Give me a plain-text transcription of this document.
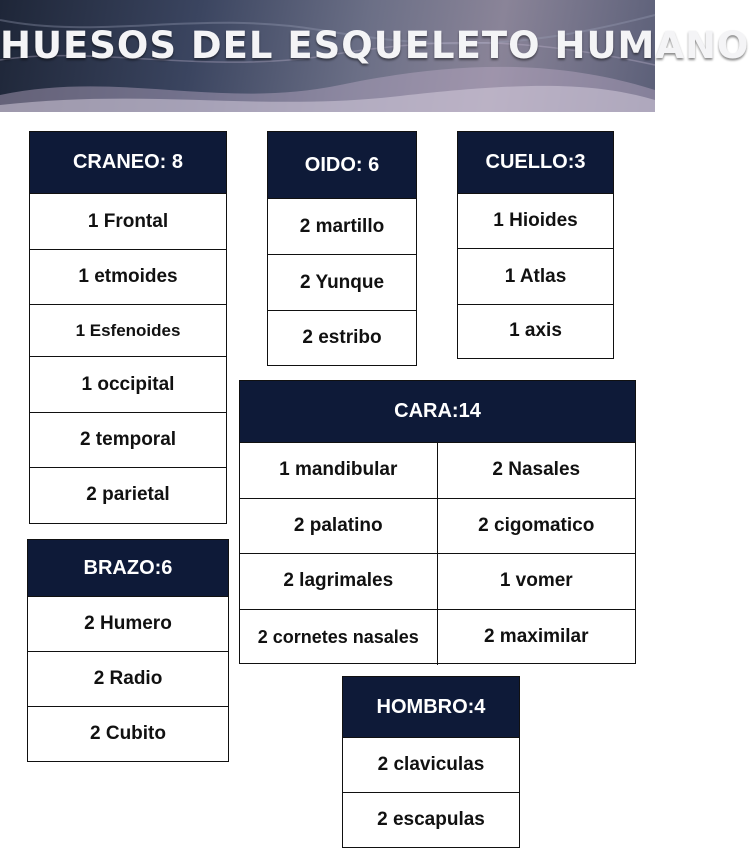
HUESOS DEL ESQUELETO HUMANO
CRANEO: 8
1 Frontal
1 etmoides
1 Esfenoides
1 occipital
2 temporal
2 parietal
OIDO: 6
2 martillo
2 Yunque
2 estribo
CUELLO:3
1 Hioides
1 Atlas
1 axis
CARA:14
1 mandibular	2 Nasales
2 palatino	2 cigomatico
2 lagrimales	1 vomer
2 cornetes nasales	2 maximilar
BRAZO:6
2 Humero
2 Radio
2 Cubito
HOMBRO:4
2 claviculas
2 escapulas
